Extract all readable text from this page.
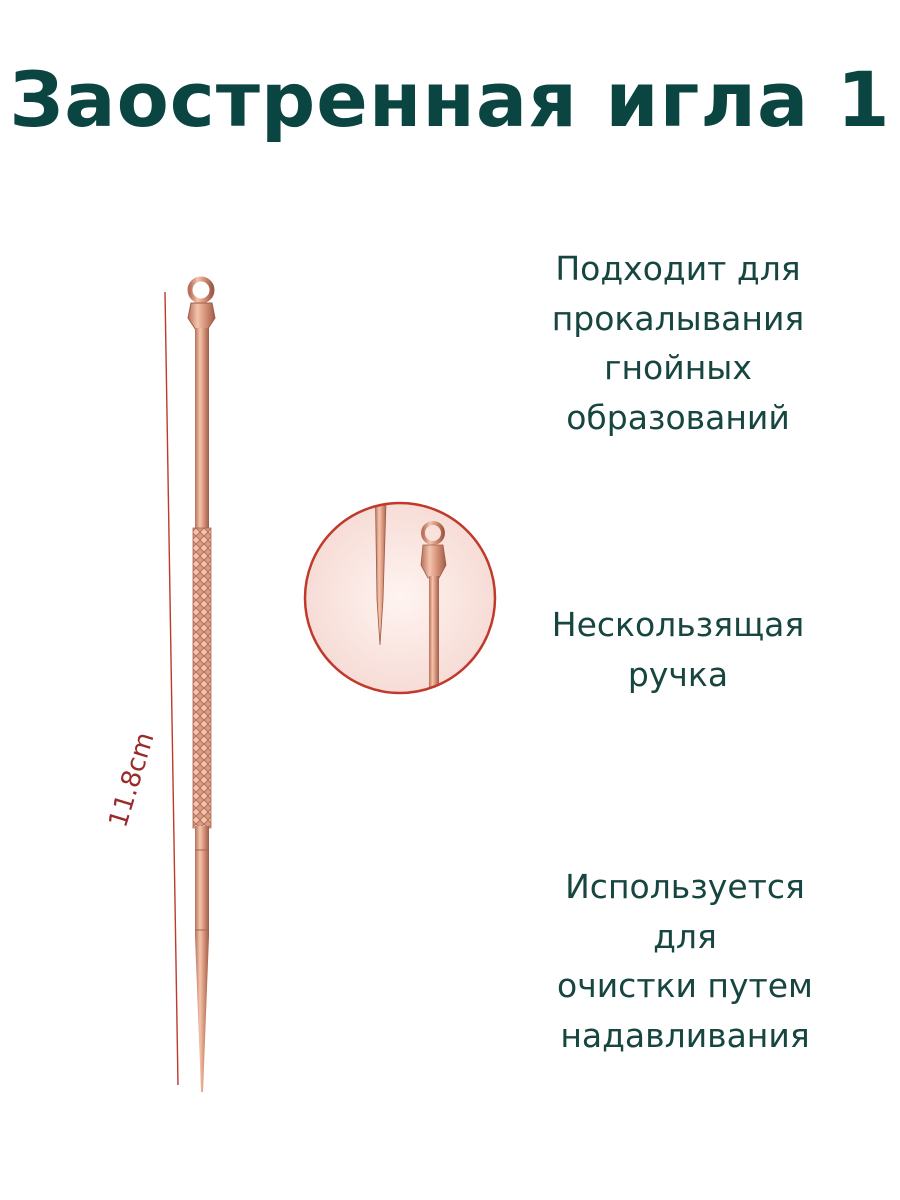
Заостренная игла 1
11.8cm
Подходит для
прокалывания
гнойных
образований
Нескользящая
ручка
Используется
для
очистки путем
надавливания
